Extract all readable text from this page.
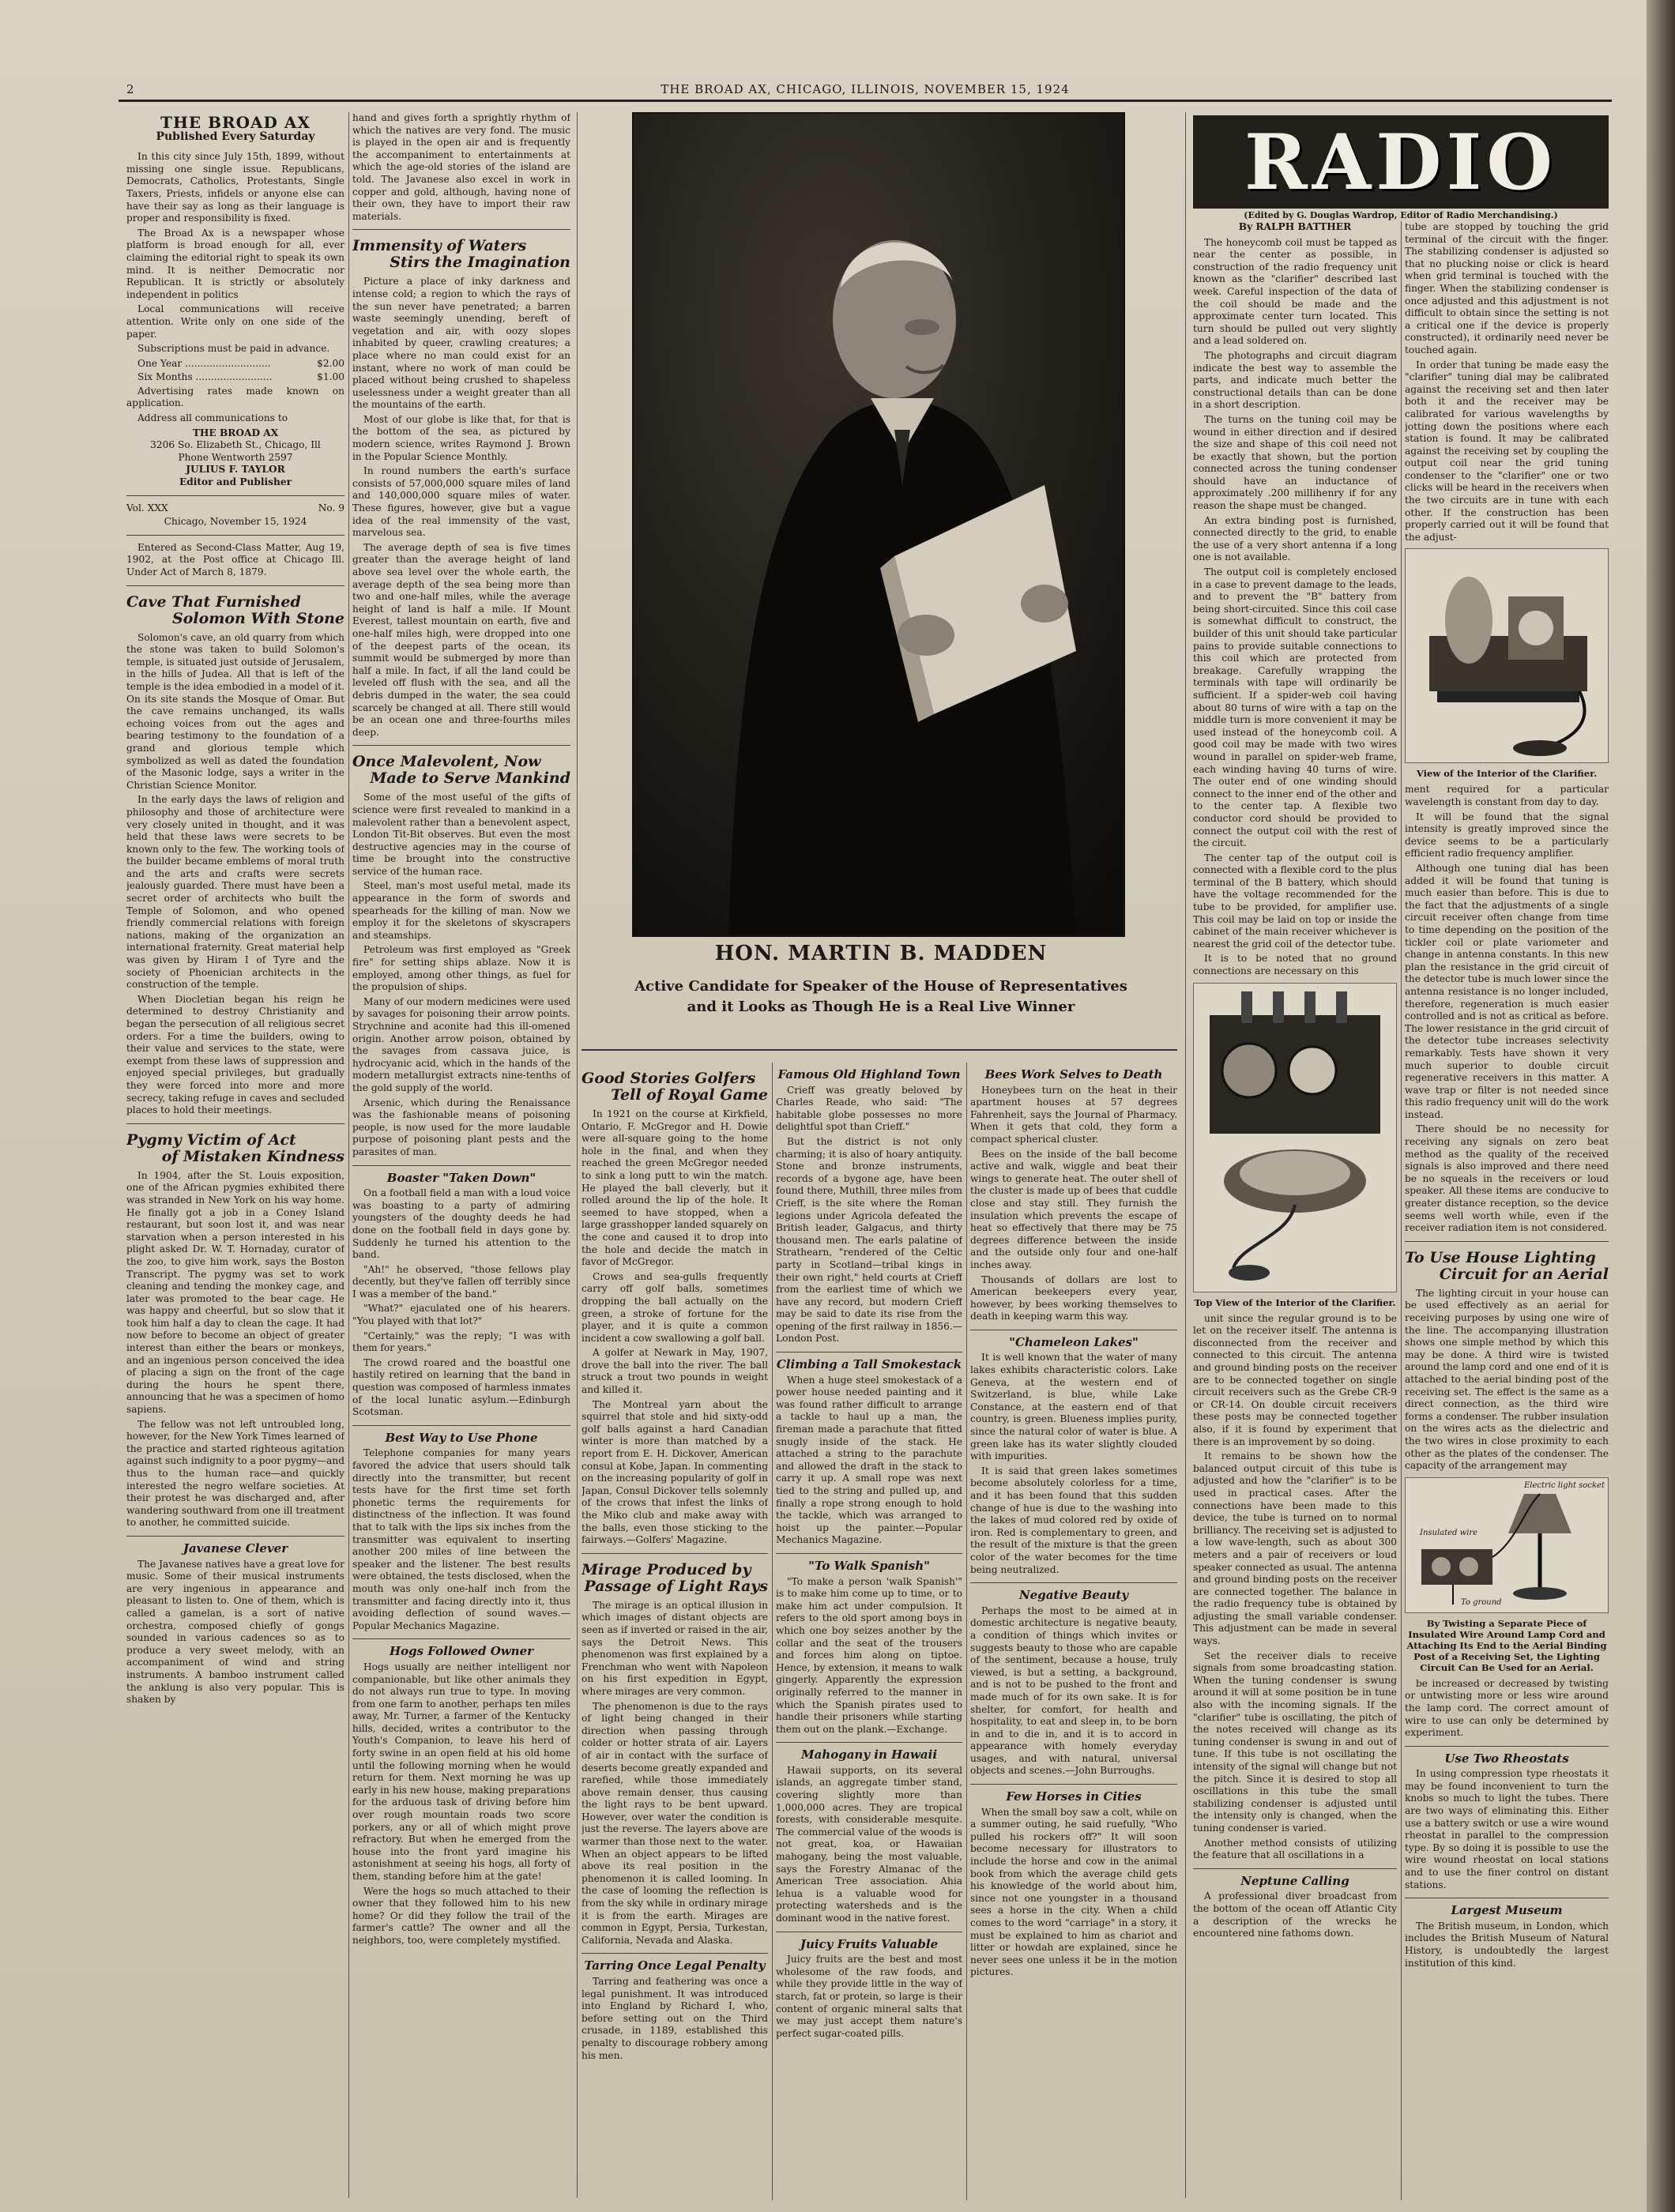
2	THE BROAD AX, CHICAGO, ILLINOIS, NOVEMBER 15, 1924
THE BROAD AX
Published Every Saturday

In this city since July 15th, 1899, without missing one single issue. Republicans, Democrats, Catholics, Protestants, Single Taxers, Priests, infidels or anyone else can have their say as long as their language is proper and responsibility is fixed.

The Broad Ax is a newspaper whose platform is broad enough for all, ever claiming the editorial right to speak its own mind. It is neither Democratic nor Republican. It is strictly or absolutely independent in politics

Local communications will receive attention. Write only on one side of the paper.

Subscriptions must be paid in advance.

One Year ............................	$2.00
Six Months .........................	$1.00

Advertising rates made known on application.

Address all communications to

THE BROAD AX
3206 So. Elizabeth St., Chicago, Ill
Phone Wentworth 2597
JULIUS F. TAYLOR
Editor and Publisher
Vol. XXX	No. 9
Chicago, November 15, 1924

Entered as Second-Class Matter, Aug 19, 1902, at the Post office at Chicago Ill. Under Act of March 8, 1879.

Cave That Furnished
Solomon With Stone

Solomon's cave, an old quarry from which the stone was taken to build Solomon's temple, is situated just outside of Jerusalem, in the hills of Judea. All that is left of the temple is the idea embodied in a model of it. On its site stands the Mosque of Omar. But the cave remains unchanged, its walls echoing voices from out the ages and bearing testimony to the foundation of a grand and glorious temple which symbolized as well as dated the foundation of the Masonic lodge, says a writer in the Christian Science Monitor.

In the early days the laws of religion and philosophy and those of architecture were very closely united in thought, and it was held that these laws were secrets to be known only to the few. The working tools of the builder became emblems of moral truth and the arts and crafts were secrets jealously guarded. There must have been a secret order of architects who built the Temple of Solomon, and who opened friendly commercial relations with foreign nations, making of the organization an international fraternity. Great material help was given by Hiram I of Tyre and the society of Phoenician architects in the construction of the temple.

When Diocletian began his reign he determined to destroy Christianity and began the persecution of all religious secret orders. For a time the builders, owing to their value and services to the state, were exempt from these laws of suppression and enjoyed special privileges, but gradually they were forced into more and more secrecy, taking refuge in caves and secluded places to hold their meetings.

Pygmy Victim of Act
of Mistaken Kindness

In 1904, after the St. Louis exposition, one of the African pygmies exhibited there was stranded in New York on his way home. He finally got a job in a Coney Island restaurant, but soon lost it, and was near starvation when a person interested in his plight asked Dr. W. T. Hornaday, curator of the zoo, to give him work, says the Boston Transcript. The pygmy was set to work cleaning and tending the monkey cage, and later was promoted to the bear cage. He was happy and cheerful, but so slow that it took him half a day to clean the cage. It had now before to become an object of greater interest than either the bears or monkeys, and an ingenious person conceived the idea of placing a sign on the front of the cage during the hours he spent there, announcing that he was a specimen of homo sapiens.

The fellow was not left untroubled long, however, for the New York Times learned of the practice and started righteous agitation against such indignity to a poor pygmy—and thus to the human race—and quickly interested the negro welfare societies. At their protest he was discharged and, after wandering southward from one ill treatment to another, he committed suicide.

Javanese Clever

The Javanese natives have a great love for music. Some of their musical instruments are very ingenious in appearance and pleasant to listen to. One of them, which is called a gamelan, is a sort of native orchestra, composed chiefly of gongs sounded in various cadences so as to produce a very sweet melody, with an accompaniment of wind and string instruments. A bamboo instrument called the anklung is also very popular. This is shaken by

hand and gives forth a sprightly rhythm of which the natives are very fond. The music is played in the open air and is frequently the accompaniment to entertainments at which the age-old stories of the island are told. The Javanese also excel in work in copper and gold, although, having none of their own, they have to import their raw materials.

Immensity of Waters
Stirs the Imagination

Picture a place of inky darkness and intense cold; a region to which the rays of the sun never have penetrated; a barren waste seemingly unending, bereft of vegetation and air, with oozy slopes inhabited by queer, crawling creatures; a place where no man could exist for an instant, where no work of man could be placed without being crushed to shapeless uselessness under a weight greater than all the mountains of the earth.

Most of our globe is like that, for that is the bottom of the sea, as pictured by modern science, writes Raymond J. Brown in the Popular Science Monthly.

In round numbers the earth's surface consists of 57,000,000 square miles of land and 140,000,000 square miles of water. These figures, however, give but a vague idea of the real immensity of the vast, marvelous sea.

The average depth of sea is five times greater than the average height of land above sea level over the whole earth, the average depth of the sea being more than two and one-half miles, while the average height of land is half a mile. If Mount Everest, tallest mountain on earth, five and one-half miles high, were dropped into one of the deepest parts of the ocean, its summit would be submerged by more than half a mile. In fact, if all the land could be leveled off flush with the sea, and all the debris dumped in the water, the sea could scarcely be changed at all. There still would be an ocean one and three-fourths miles deep.

Once Malevolent, Now
Made to Serve Mankind

Some of the most useful of the gifts of science were first revealed to mankind in a malevolent rather than a benevolent aspect, London Tit-Bit observes. But even the most destructive agencies may in the course of time be brought into the constructive service of the human race.

Steel, man's most useful metal, made its appearance in the form of swords and spearheads for the killing of man. Now we employ it for the skeletons of skyscrapers and steamships.

Petroleum was first employed as "Greek fire" for setting ships ablaze. Now it is employed, among other things, as fuel for the propulsion of ships.

Many of our modern medicines were used by savages for poisoning their arrow points. Strychnine and aconite had this ill-omened origin. Another arrow poison, obtained by the savages from cassava juice, is hydrocyanic acid, which in the hands of the modern metallurgist extracts nine-tenths of the gold supply of the world.

Arsenic, which during the Renaissance was the fashionable means of poisoning people, is now used for the more laudable purpose of poisoning plant pests and the parasites of man.

Boaster "Taken Down"

On a football field a man with a loud voice was boasting to a party of admiring youngsters of the doughty deeds he had done on the football field in days gone by. Suddenly he turned his attention to the band.

"Ah!" he observed, "those fellows play decently, but they've fallen off terribly since I was a member of the band."

"What?" ejaculated one of his hearers. "You played with that lot?"

"Certainly," was the reply; "I was with them for years."

The crowd roared and the boastful one hastily retired on learning that the band in question was composed of harmless inmates of the local lunatic asylum.—Edinburgh Scotsman.

Best Way to Use Phone

Telephone companies for many years favored the advice that users should talk directly into the transmitter, but recent tests have for the first time set forth phonetic terms the requirements for distinctness of the inflection. It was found that to talk with the lips six inches from the transmitter was equivalent to inserting another 200 miles of line between the speaker and the listener. The best results were obtained, the tests disclosed, when the mouth was only one-half inch from the transmitter and facing directly into it, thus avoiding deflection of sound waves.—Popular Mechanics Magazine.

Hogs Followed Owner

Hogs usually are neither intelligent nor companionable, but like other animals they do not always run true to type. In moving from one farm to another, perhaps ten miles away, Mr. Turner, a farmer of the Kentucky hills, decided, writes a contributor to the Youth's Companion, to leave his herd of forty swine in an open field at his old home until the following morning when he would return for them. Next morning he was up early in his new house, making preparations for the arduous task of driving before him over rough mountain roads two score porkers, any or all of which might prove refractory. But when he emerged from the house into the front yard imagine his astonishment at seeing his hogs, all forty of them, standing before him at the gate!

Were the hogs so much attached to their owner that they followed him to his new home? Or did they follow the trail of the farmer's cattle? The owner and all the neighbors, too, were completely mystified.

HON. MARTIN B. MADDEN
Active Candidate for Speaker of the House of Representatives
and it Looks as Though He is a Real Live Winner
Good Stories Golfers
Tell of Royal Game

In 1921 on the course at Kirkfield, Ontario, F. McGregor and H. Dowie were all-square going to the home hole in the final, and when they reached the green McGregor needed to sink a long putt to win the match. He played the ball cleverly, but it rolled around the lip of the hole. It seemed to have stopped, when a large grasshopper landed squarely on the cone and caused it to drop into the hole and decide the match in favor of McGregor.

Crows and sea-gulls frequently carry off golf balls, sometimes dropping the ball actually on the green, a stroke of fortune for the player, and it is quite a common incident a cow swallowing a golf ball.

A golfer at Newark in May, 1907, drove the ball into the river. The ball struck a trout two pounds in weight and killed it.

The Montreal yarn about the squirrel that stole and hid sixty-odd golf balls against a hard Canadian winter is more than matched by a report from E. H. Dickover, American consul at Kobe, Japan. In commenting on the increasing popularity of golf in Japan, Consul Dickover tells solemnly of the crows that infest the links of the Miko club and make away with the balls, even those sticking to the fairways.—Golfers' Magazine.

Mirage Produced by
Passage of Light Rays

The mirage is an optical illusion in which images of distant objects are seen as if inverted or raised in the air, says the Detroit News. This phenomenon was first explained by a Frenchman who went with Napoleon on his first expedition in Egypt, where mirages are very common.

The phenomenon is due to the rays of light being changed in their direction when passing through colder or hotter strata of air. Layers of air in contact with the surface of deserts become greatly expanded and rarefied, while those immediately above remain denser, thus causing the light rays to be bent upward. However, over water the condition is just the reverse. The layers above are warmer than those next to the water. When an object appears to be lifted above its real position in the phenomenon it is called looming. In the case of looming the reflection is from the sky while in ordinary mirage it is from the earth. Mirages are common in Egypt, Persia, Turkestan, California, Nevada and Alaska.

Tarring Once Legal Penalty

Tarring and feathering was once a legal punishment. It was introduced into England by Richard I, who, before setting out on the Third crusade, in 1189, established this penalty to discourage robbery among his men.

Famous Old Highland Town

Crieff was greatly beloved by Charles Reade, who said: "The habitable globe possesses no more delightful spot than Crieff."

But the district is not only charming; it is also of hoary antiquity. Stone and bronze instruments, records of a bygone age, have been found there, Muthill, three miles from Crieff, is the site where the Roman legions under Agricola defeated the British leader, Galgacus, and thirty thousand men. The earls palatine of Strathearn, "rendered of the Celtic party in Scotland—tribal kings in their own right," held courts at Crieff from the earliest time of which we have any record, but modern Crieff may be said to date its rise from the opening of the first railway in 1856.—London Post.

Climbing a Tall Smokestack

When a huge steel smokestack of a power house needed painting and it was found rather difficult to arrange a tackle to haul up a man, the fireman made a parachute that fitted snugly inside of the stack. He attached a string to the parachute and allowed the draft in the stack to carry it up. A small rope was next tied to the string and pulled up, and finally a rope strong enough to hold the tackle, which was arranged to hoist up the painter.—Popular Mechanics Magazine.

"To Walk Spanish"

"To make a person 'walk Spanish'" is to make him come up to time, or to make him act under compulsion. It refers to the old sport among boys in which one boy seizes another by the collar and the seat of the trousers and forces him along on tiptoe. Hence, by extension, it means to walk gingerly. Apparently the expression originally referred to the manner in which the Spanish pirates used to handle their prisoners while starting them out on the plank.—Exchange.

Mahogany in Hawaii

Hawaii supports, on its several islands, an aggregate timber stand, covering slightly more than 1,000,000 acres. They are tropical forests, with considerable mesquite. The commercial value of the woods is not great, koa, or Hawaiian mahogany, being the most valuable, says the Forestry Almanac of the American Tree association. Ahia lehua is a valuable wood for protecting watersheds and is the dominant wood in the native forest.

Juicy Fruits Valuable

Juicy fruits are the best and most wholesome of the raw foods, and while they provide little in the way of starch, fat or protein, so large is their content of organic mineral salts that we may just accept them nature's perfect sugar-coated pills.

Bees Work Selves to Death

Honeybees turn on the heat in their apartment houses at 57 degrees Fahrenheit, says the Journal of Pharmacy. When it gets that cold, they form a compact spherical cluster.

Bees on the inside of the ball become active and walk, wiggle and beat their wings to generate heat. The outer shell of the cluster is made up of bees that cuddle close and stay still. They furnish the insulation which prevents the escape of heat so effectively that there may be 75 degrees difference between the inside and the outside only four and one-half inches away.

Thousands of dollars are lost to American beekeepers every year, however, by bees working themselves to death in keeping warm this way.

"Chameleon Lakes"

It is well known that the water of many lakes exhibits characteristic colors. Lake Geneva, at the western end of Switzerland, is blue, while Lake Constance, at the eastern end of that country, is green. Blueness implies purity, since the natural color of water is blue. A green lake has its water slightly clouded with impurities.

It is said that green lakes sometimes become absolutely colorless for a time, and it has been found that this sudden change of hue is due to the washing into the lakes of mud colored red by oxide of iron. Red is complementary to green, and the result of the mixture is that the green color of the water becomes for the time being neutralized.

Negative Beauty

Perhaps the most to be aimed at in domestic architecture is negative beauty, a condition of things which invites or suggests beauty to those who are capable of the sentiment, because a house, truly viewed, is but a setting, a background, and is not to be pushed to the front and made much of for its own sake. It is for shelter, for comfort, for health and hospitality, to eat and sleep in, to be born in and to die in, and it is to accord in appearance with homely everyday usages, and with natural, universal objects and scenes.—John Burroughs.

Few Horses in Cities

When the small boy saw a colt, while on a summer outing, he said ruefully, "Who pulled his rockers off?" It will soon become necessary for illustrators to include the horse and cow in the animal book from which the average child gets his knowledge of the world about him, since not one youngster in a thousand sees a horse in the city. When a child comes to the word "carriage" in a story, it must be explained to him as chariot and litter or howdah are explained, since he never sees one unless it be in the motion pictures.

RADIO
(Edited by G. Douglas Wardrop, Editor of Radio Merchandising.)
By RALPH BATTHER

The honeycomb coil must be tapped as near the center as possible, in construction of the radio frequency unit known as the "clarifier" described last week. Careful inspection of the data of the coil should be made and the approximate center turn located. This turn should be pulled out very slightly and a lead soldered on.

The photographs and circuit diagram indicate the best way to assemble the parts, and indicate much better the constructional details than can be done in a short description.

The turns on the tuning coil may be wound in either direction and if desired the size and shape of this coil need not be exactly that shown, but the portion connected across the tuning condenser should have an inductance of approximately .200 millihenry if for any reason the shape must be changed.

An extra binding post is furnished, connected directly to the grid, to enable the use of a very short antenna if a long one is not available.

The output coil is completely enclosed in a case to prevent damage to the leads, and to prevent the "B" battery from being short-circuited. Since this coil case is somewhat difficult to construct, the builder of this unit should take particular pains to provide suitable connections to this coil which are protected from breakage. Carefully wrapping the terminals with tape will ordinarily be sufficient. If a spider-web coil having about 80 turns of wire with a tap on the middle turn is more convenient it may be used instead of the honeycomb coil. A good coil may be made with two wires wound in parallel on spider-web frame, each winding having 40 turns of wire. The outer end of one winding should connect to the inner end of the other and to the center tap. A flexible two conductor cord should be provided to connect the output coil with the rest of the circuit.

The center tap of the output coil is connected with a flexible cord to the plus terminal of the B battery, which should have the voltage recommended for the tube to be provided, for amplifier use. This coil may be laid on top or inside the cabinet of the main receiver whichever is nearest the grid coil of the detector tube.

It is to be noted that no ground connections are necessary on this

Top View of the Interior of the Clarifier.

unit since the regular ground is to be let on the receiver itself. The antenna is disconnected from the receiver and connected to this circuit. The antenna and ground binding posts on the receiver are to be connected together on single circuit receivers such as the Grebe CR-9 or CR-14. On double circuit receivers these posts may be connected together also, if it is found by experiment that there is an improvement by so doing.

It remains to be shown how the balanced output circuit of this tube is adjusted and how the "clarifier" is to be used in practical cases. After the connections have been made to this device, the tube is turned on to normal brilliancy. The receiving set is adjusted to a low wave-length, such as about 300 meters and a pair of receivers or loud speaker connected as usual. The antenna and ground binding posts on the receiver are connected together. The balance in the radio frequency tube is obtained by adjusting the small variable condenser. This adjustment can be made in several ways.

Set the receiver dials to receive signals from some broadcasting station. When the tuning condenser is swung around it will at some position be in tune also with the incoming signals. If the "clarifier" tube is oscillating, the pitch of the notes received will change as its tuning condenser is swung in and out of tune. If this tube is not oscillating the intensity of the signal will change but not the pitch. Since it is desired to stop all oscillations in this tube the small stabilizing condenser is adjusted until the intensity only is changed, when the tuning condenser is varied.

Another method consists of utilizing the feature that all oscillations in a

Neptune Calling

A professional diver broadcast from the bottom of the ocean off Atlantic City a description of the wrecks he encountered nine fathoms down.

tube are stopped by touching the grid terminal of the circuit with the finger. The stabilizing condenser is adjusted so that no plucking noise or click is heard when grid terminal is touched with the finger. When the stabilizing condenser is once adjusted and this adjustment is not difficult to obtain since the setting is not a critical one if the device is properly constructed), it ordinarily need never be touched again.

In order that tuning be made easy the "clarifier" tuning dial may be calibrated against the receiving set and then later both it and the receiver may be calibrated for various wavelengths by jotting down the positions where each station is found. It may be calibrated against the receiving set by coupling the output coil near the grid tuning condenser to the "clarifier" one or two clicks will be heard in the receivers when the two circuits are in tune with each other. If the construction has been properly carried out it will be found that the adjust-

View of the Interior of the Clarifier.

ment required for a particular wavelength is constant from day to day.

It will be found that the signal intensity is greatly improved since the device seems to be a particularly efficient radio frequency amplifier.

Although one tuning dial has been added it will be found that tuning is much easier than before. This is due to the fact that the adjustments of a single circuit receiver often change from time to time depending on the position of the tickler coil or plate variometer and change in antenna constants. In this new plan the resistance in the grid circuit of the detector tube is much lower since the antenna resistance is no longer included, therefore, regeneration is much easier controlled and is not as critical as before. The lower resistance in the grid circuit of the detector tube increases selectivity remarkably. Tests have shown it very much superior to double circuit regenerative receivers in this matter. A wave trap or filter is not needed since this radio frequency unit will do the work instead.

There should be no necessity for receiving any signals on zero beat method as the quality of the received signals is also improved and there need be no squeals in the receivers or loud speaker. All these items are conducive to greater distance reception, so the device seems well worth while, even if the receiver radiation item is not considered.

To Use House Lighting
Circuit for an Aerial

The lighting circuit in your house can be used effectively as an aerial for receiving purposes by using one wire of the line. The accompanying illustration shows one simple method by which this may be done. A third wire is twisted around the lamp cord and one end of it is attached to the aerial binding post of the receiving set. The effect is the same as a direct connection, as the third wire forms a condenser. The rubber insulation on the wires acts as the dielectric and the two wires in close proximity to each other as the plates of the condenser. The capacity of the arrangement may

Electric light socket
Insulated wire
To ground
By Twisting a Separate Piece of Insulated Wire Around Lamp Cord and Attaching Its End to the Aerial Binding Post of a Receiving Set, the Lighting Circuit Can Be Used for an Aerial.

be increased or decreased by twisting or untwisting more or less wire around the lamp cord. The correct amount of wire to use can only be determined by experiment.

Use Two Rheostats

In using compression type rheostats it may be found inconvenient to turn the knobs so much to light the tubes. There are two ways of eliminating this. Either use a battery switch or use a wire wound rheostat in parallel to the compression type. By so doing it is possible to use the wire wound rheostat on local stations and to use the finer control on distant stations.

Largest Museum

The British museum, in London, which includes the British Museum of Natural History, is undoubtedly the largest institution of this kind.
